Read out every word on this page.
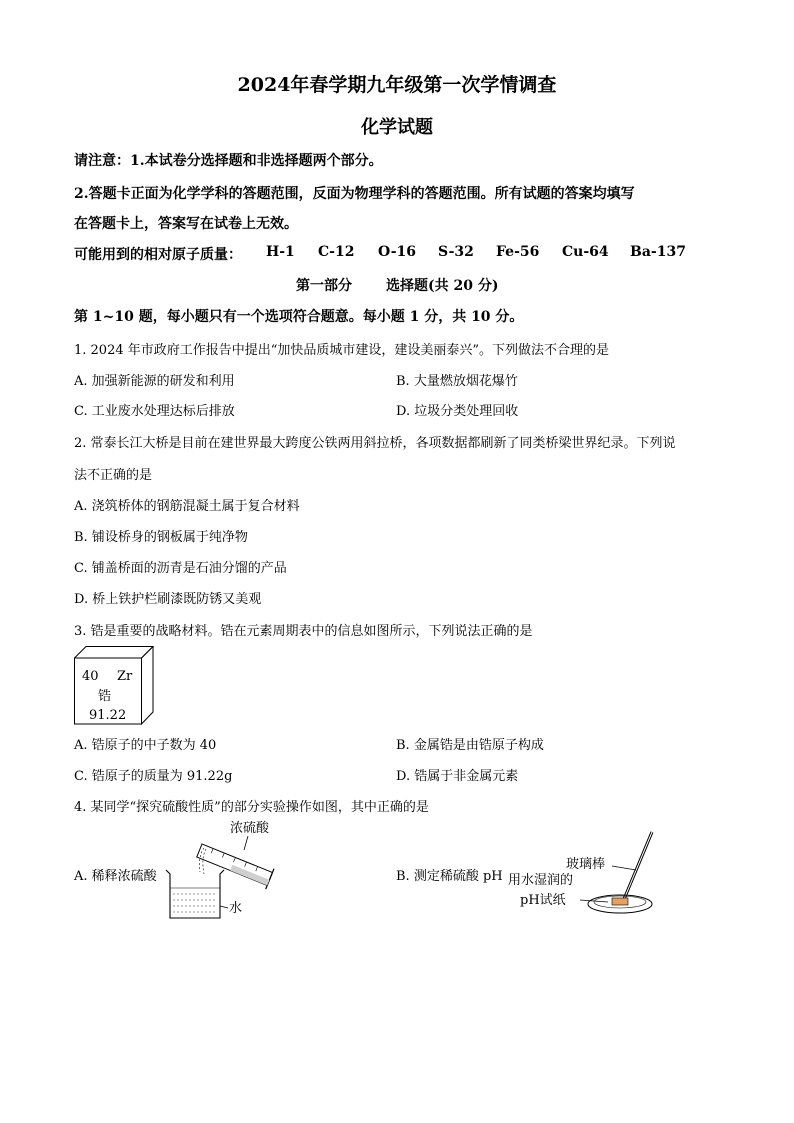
2024年春学期九年级第一次学情调查
化学试题
请注意：1.本试卷分选择题和非选择题两个部分。
2.答题卡正面为化学学科的答题范围，反面为物理学科的答题范围。所有试题的答案均填写
在答题卡上，答案写在试卷上无效。
可能用到的相对原子质量： H-1 C-12 O-16 S-32 Fe-56 Cu-64 Ba-137
第一部分 选择题(共 20 分)
第 1~10 题，每小题只有一个选项符合题意。每小题 1 分，共 10 分。
1. 2024 年市政府工作报告中提出“加快品质城市建设，建设美丽泰兴”。下列做法不合理的是
A. 加强新能源的研发和利用	B. 大量燃放烟花爆竹
C. 工业废水处理达标后排放	D. 垃圾分类处理回收
2. 常泰长江大桥是目前在建世界最大跨度公铁两用斜拉桥，各项数据都刷新了同类桥梁世界纪录。下列说
法不正确的是
A. 浇筑桥体的钢筋混凝土属于复合材料
B. 铺设桥身的钢板属于纯净物
C. 铺盖桥面的沥青是石油分馏的产品
D. 桥上铁护栏刷漆既防锈又美观
3. 锆是重要的战略材料。锆在元素周期表中的信息如图所示，下列说法正确的是
40 Zr
锆
91.22
A. 锆原子的中子数为 40	B. 金属锆是由锆原子构成
C. 锆原子的质量为 91.22g	D. 锆属于非金属元素
4. 某同学“探究硫酸性质”的部分实验操作如图，其中正确的是
A. 稀释浓硫酸	B. 测定稀硫酸 pH
浓硫酸
水
玻璃棒
用水湿润的
pH试纸
